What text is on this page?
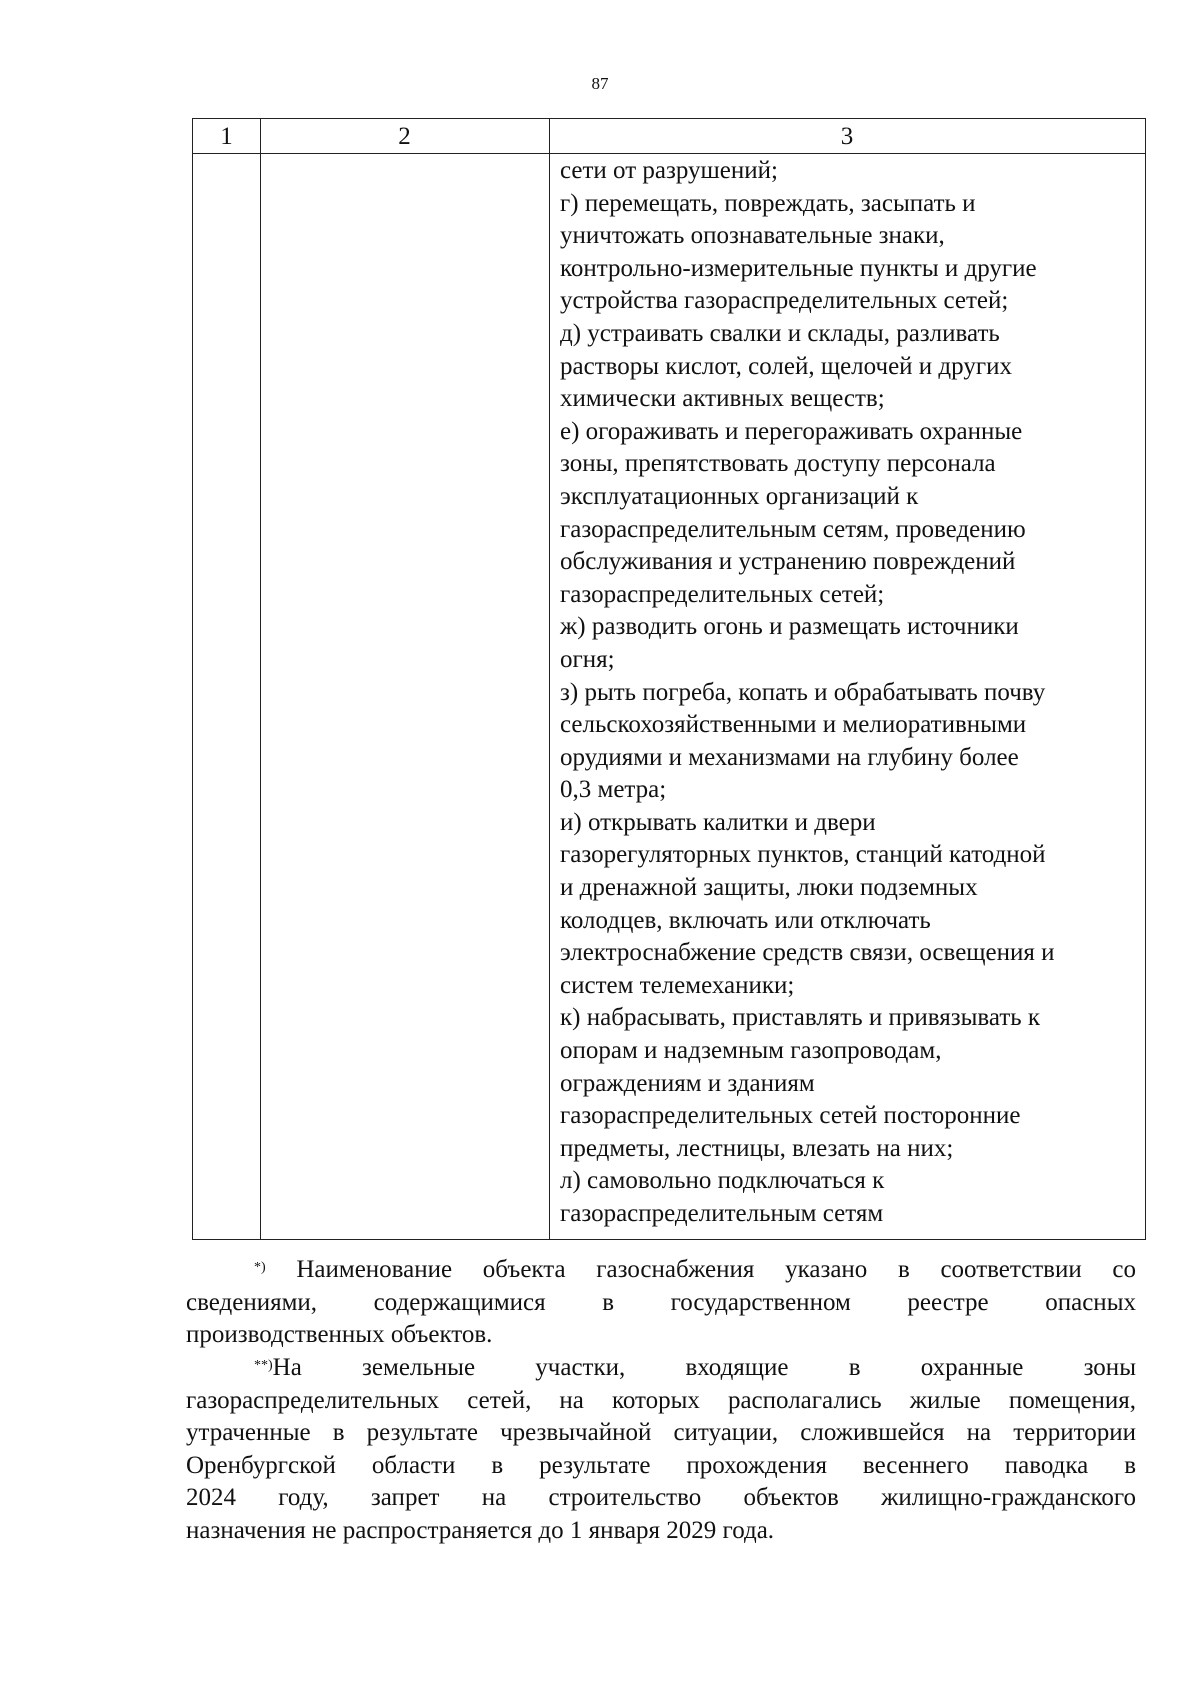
87
1	2	3
сети от разрушений;
г) перемещать, повреждать, засыпать и
уничтожать опознавательные знаки,
контрольно-измерительные пункты и другие
устройства газораспределительных сетей;
д) устраивать свалки и склады, разливать
растворы кислот, солей, щелочей и других
химически активных веществ;
е) огораживать и перегораживать охранные
зоны, препятствовать доступу персонала
эксплуатационных организаций к
газораспределительным сетям, проведению
обслуживания и устранению повреждений
газораспределительных сетей;
ж) разводить огонь и размещать источники
огня;
з) рыть погреба, копать и обрабатывать почву
сельскохозяйственными и мелиоративными
орудиями и механизмами на глубину более
0,3 метра;
и) открывать калитки и двери
газорегуляторных пунктов, станций катодной
и дренажной защиты, люки подземных
колодцев, включать или отключать
электроснабжение средств связи, освещения и
систем телемеханики;
к) набрасывать, приставлять и привязывать к
опорам и надземным газопроводам,
ограждениям и зданиям
газораспределительных сетей посторонние
предметы, лестницы, влезать на них;
л) самовольно подключаться к
газораспределительным сетям
*) Наименование объекта газоснабжения указано в соответствии со
сведениями, содержащимися в государственном реестре опасных
производственных объектов.
**)На земельные участки, входящие в охранные зоны
газораспределительных сетей, на которых располагались жилые помещения,
утраченные в результате чрезвычайной ситуации, сложившейся на территории
Оренбургской области в результате прохождения весеннего паводка в
2024 году, запрет на строительство объектов жилищно-гражданского
назначения не распространяется до 1 января 2029 года.
